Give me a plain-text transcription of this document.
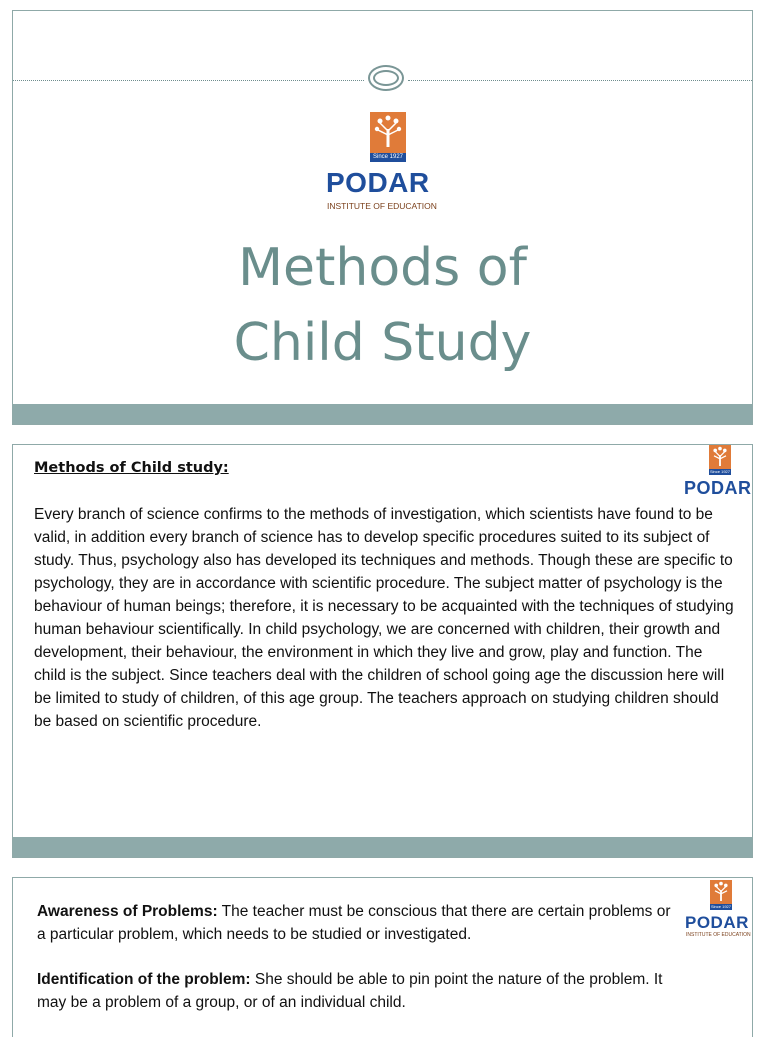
Since 1927
PODAR
INSTITUTE OF EDUCATION
Methods of
Child Study
Since 1927
PODAR
Methods of Child study:
Every branch of science confirms to the methods of investigation, which scientists have found to be valid, in addition every branch of science has to develop specific procedures suited to its subject of study. Thus, psychology also has developed its techniques and methods. Though these are specific to psychology, they are in accordance with scientific procedure. The subject matter of psychology is the behaviour of human beings; therefore, it is necessary to be acquainted with the techniques of studying human behaviour scientifically. In child psychology, we are concerned with children, their growth and development, their behaviour, the environment in which they live and grow, play and function. The child is the subject. Since teachers deal with the children of school going age the discussion here will be limited to study of children, of this age group. The teachers approach on studying children should be based on scientific procedure.
Since 1927
PODAR
INSTITUTE OF EDUCATION
Awareness of Problems: The teacher must be conscious that there are certain problems or a particular problem, which needs to be studied or investigated.
Identification of the problem: She should be able to pin point the nature of the problem. It may be a problem of a group, or of an individual child.
